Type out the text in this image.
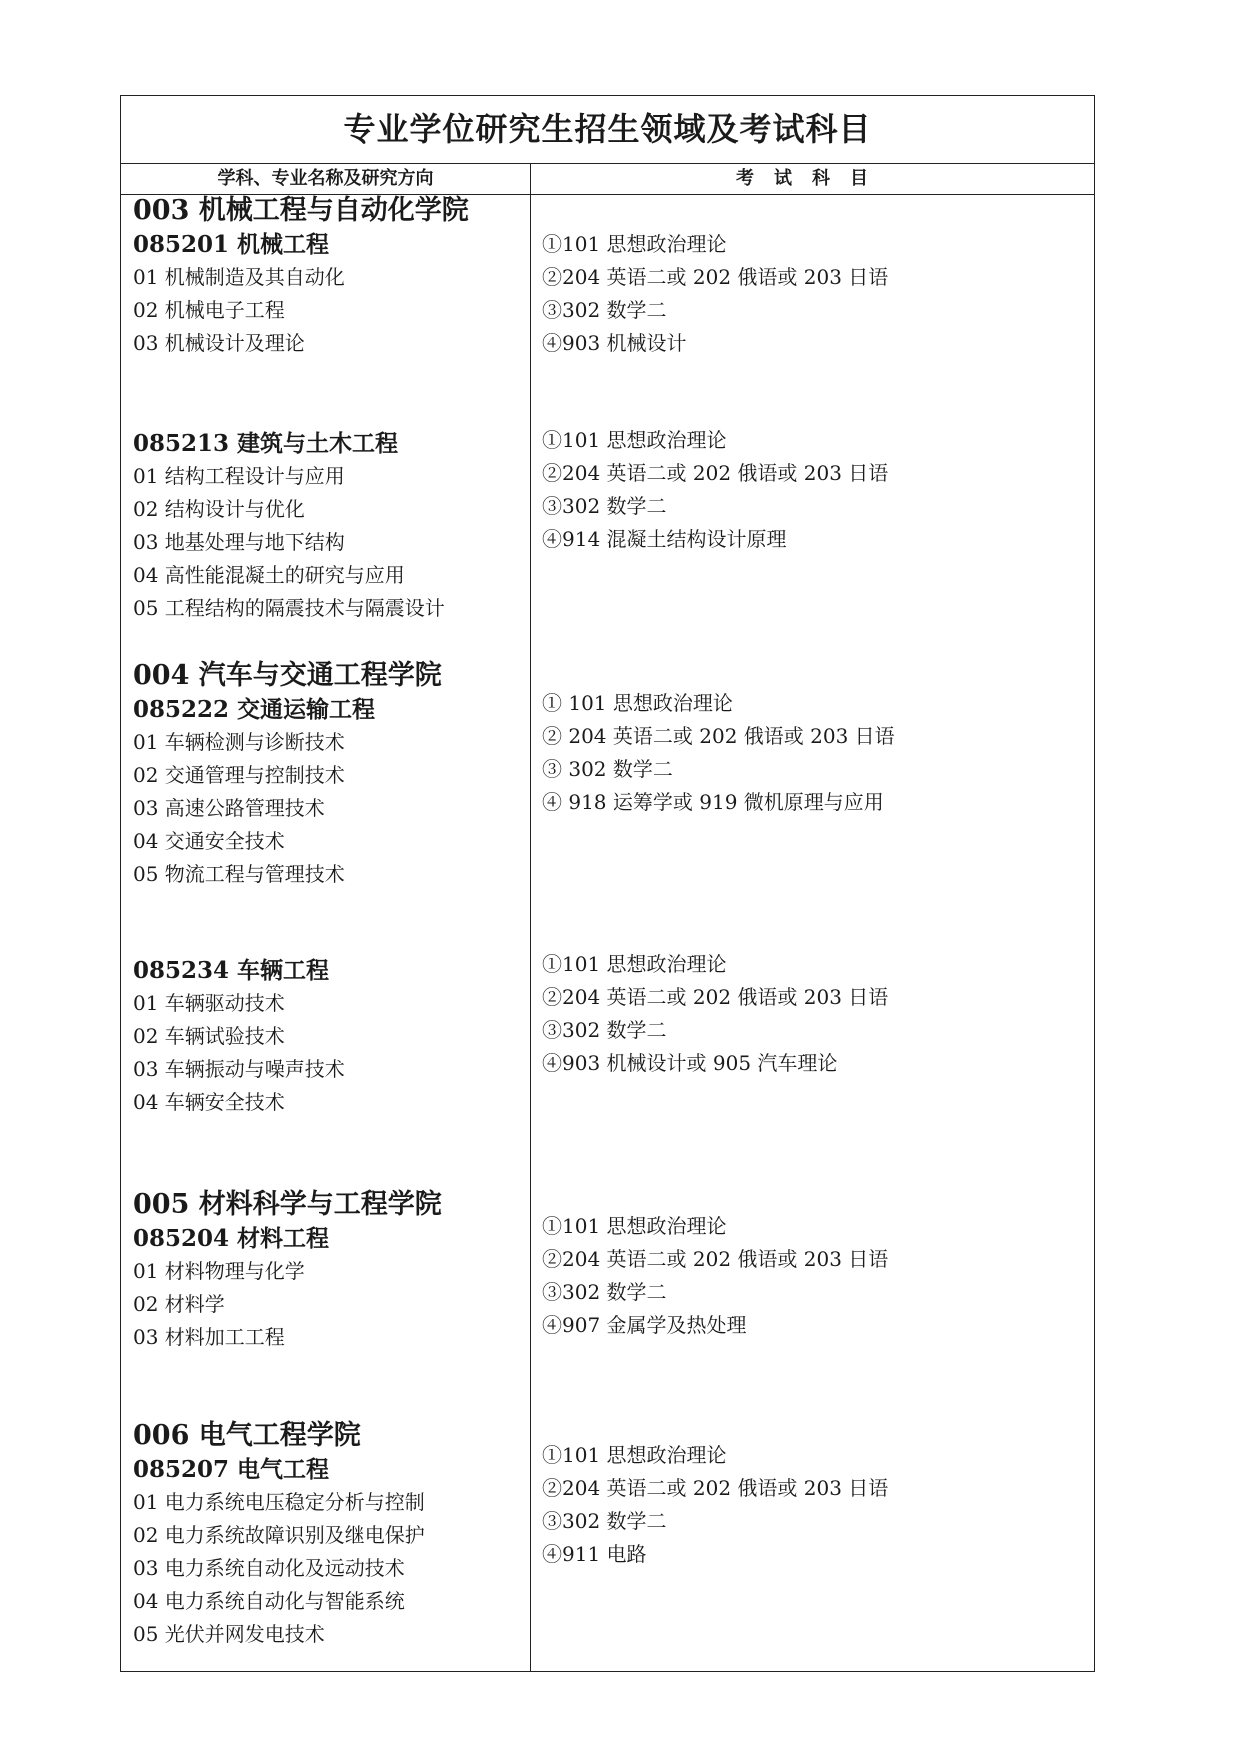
专业学位研究生招生领域及考试科目
学科、专业名称及研究方向	考试科目
003 机械工程与自动化学院
085201 机械工程
01 机械制造及其自动化
02 机械电子工程
03 机械设计及理论
①101 思想政治理论
②204 英语二或 202 俄语或 203 日语
③302 数学二
④903 机械设计
085213 建筑与土木工程
01 结构工程设计与应用
02 结构设计与优化
03 地基处理与地下结构
04 高性能混凝土的研究与应用
05 工程结构的隔震技术与隔震设计
①101 思想政治理论
②204 英语二或 202 俄语或 203 日语
③302 数学二
④914 混凝土结构设计原理
004 汽车与交通工程学院
085222 交通运输工程
01 车辆检测与诊断技术
02 交通管理与控制技术
03 高速公路管理技术
04 交通安全技术
05 物流工程与管理技术
① 101 思想政治理论
② 204 英语二或 202 俄语或 203 日语
③ 302 数学二
④ 918 运筹学或 919 微机原理与应用
085234 车辆工程
01 车辆驱动技术
02 车辆试验技术
03 车辆振动与噪声技术
04 车辆安全技术
①101 思想政治理论
②204 英语二或 202 俄语或 203 日语
③302 数学二
④903 机械设计或 905 汽车理论
005 材料科学与工程学院
085204 材料工程
01 材料物理与化学
02 材料学
03 材料加工工程
①101 思想政治理论
②204 英语二或 202 俄语或 203 日语
③302 数学二
④907 金属学及热处理
006 电气工程学院
085207 电气工程
01 电力系统电压稳定分析与控制
02 电力系统故障识别及继电保护
03 电力系统自动化及远动技术
04 电力系统自动化与智能系统
05 光伏并网发电技术
①101 思想政治理论
②204 英语二或 202 俄语或 203 日语
③302 数学二
④911 电路
